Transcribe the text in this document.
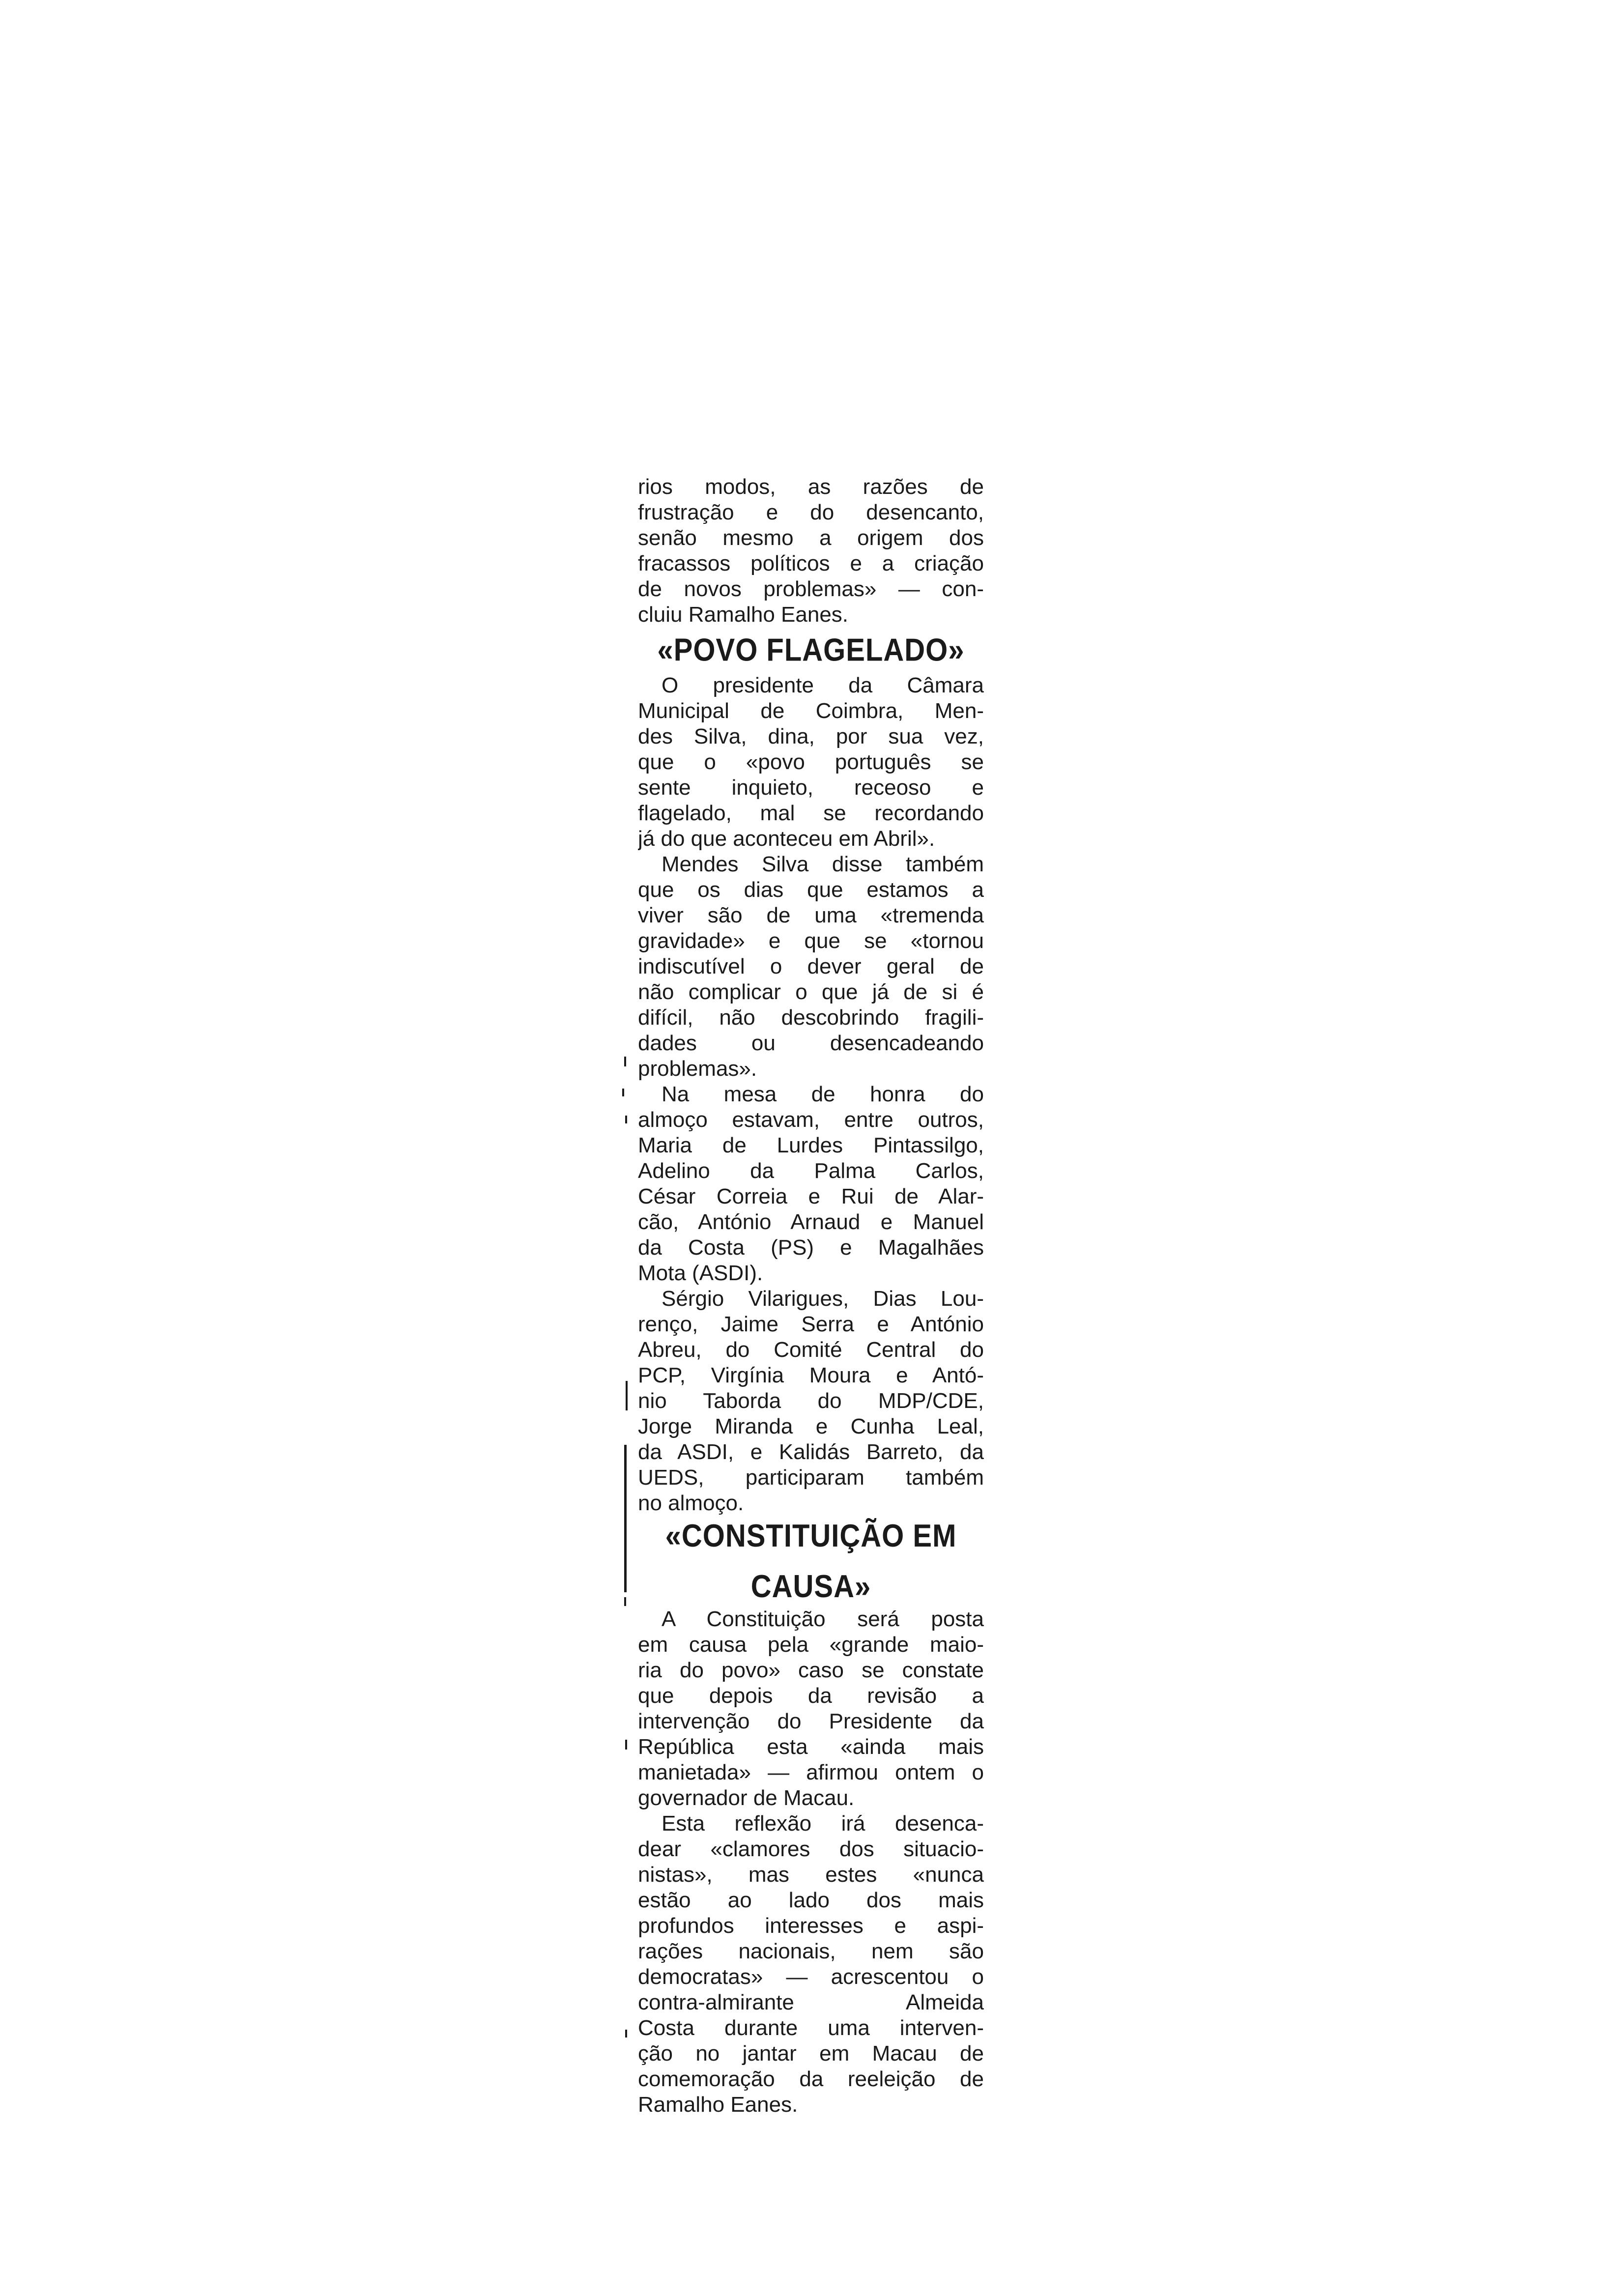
rios modos, as razões de

frustração e do desencanto,

senão mesmo a origem dos

fracassos políticos e a criação

de novos problemas» — con-

cluiu Ramalho Eanes.

«POVO FLAGELADO»

O presidente da Câmara

Municipal de Coimbra, Men-

des Silva, dina, por sua vez,

que o «povo português se

sente inquieto, receoso e

flagelado, mal se recordando

já do que aconteceu em Abril».

Mendes Silva disse também

que os dias que estamos a

viver são de uma «tremenda

gravidade» e que se «tornou

indiscutível o dever geral de

não complicar o que já de si é

difícil, não descobrindo fragili-

dades ou desencadeando

problemas».

Na mesa de honra do

almoço estavam, entre outros,

Maria de Lurdes Pintassilgo,

Adelino da Palma Carlos,

César Correia e Rui de Alar-

cão, António Arnaud e Manuel

da Costa (PS) e Magalhães

Mota (ASDI).

Sérgio Vilarigues, Dias Lou-

renço, Jaime Serra e António

Abreu, do Comité Central do

PCP, Virgínia Moura e Antó-

nio Taborda do MDP/CDE,

Jorge Miranda e Cunha Leal,

da ASDI, e Kalidás Barreto, da

UEDS, participaram também

no almoço.

«CONSTITUIÇÃO EM CAUSA»

A Constituição será posta

em causa pela «grande maio-

ria do povo» caso se constate

que depois da revisão a

intervenção do Presidente da

República esta «ainda mais

manietada» — afirmou ontem o

governador de Macau.

Esta reflexão irá desenca-

dear «clamores dos situacio-

nistas», mas estes «nunca

estão ao lado dos mais

profundos interesses e aspi-

rações nacionais, nem são

democratas» — acrescentou o

contra-almirante Almeida

Costa durante uma interven-

ção no jantar em Macau de

comemoração da reeleição de

Ramalho Eanes.
